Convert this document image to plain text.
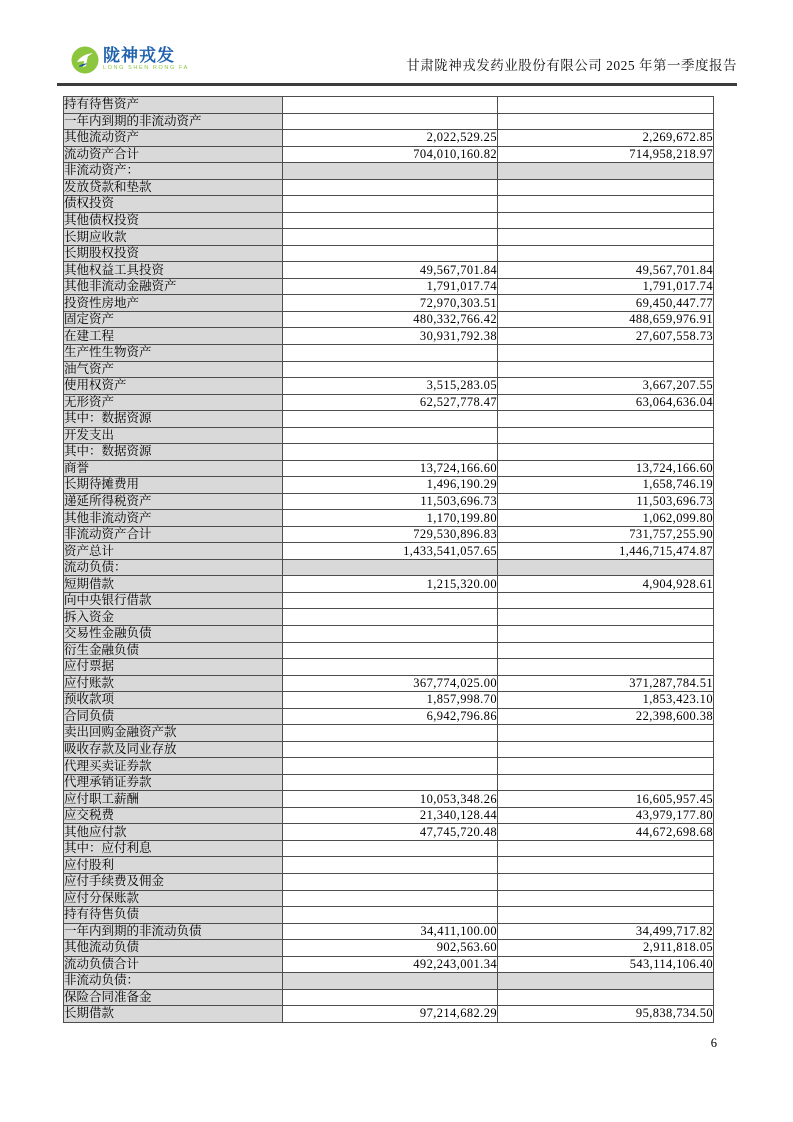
陇神戎发
LONG SHEN RONG FA	甘肃陇神戎发药业股份有限公司 2025 年第一季度报告
持有待售资产		
一年内到期的非流动资产		
其他流动资产	2,022,529.25	2,269,672.85
流动资产合计	704,010,160.82	714,958,218.97
非流动资产：		
发放贷款和垫款		
债权投资		
其他债权投资		
长期应收款		
长期股权投资		
其他权益工具投资	49,567,701.84	49,567,701.84
其他非流动金融资产	1,791,017.74	1,791,017.74
投资性房地产	72,970,303.51	69,450,447.77
固定资产	480,332,766.42	488,659,976.91
在建工程	30,931,792.38	27,607,558.73
生产性生物资产		
油气资产		
使用权资产	3,515,283.05	3,667,207.55
无形资产	62,527,778.47	63,064,636.04
其中：数据资源		
开发支出		
其中：数据资源		
商誉	13,724,166.60	13,724,166.60
长期待摊费用	1,496,190.29	1,658,746.19
递延所得税资产	11,503,696.73	11,503,696.73
其他非流动资产	1,170,199.80	1,062,099.80
非流动资产合计	729,530,896.83	731,757,255.90
资产总计	1,433,541,057.65	1,446,715,474.87
流动负债：		
短期借款	1,215,320.00	4,904,928.61
向中央银行借款		
拆入资金		
交易性金融负债		
衍生金融负债		
应付票据		
应付账款	367,774,025.00	371,287,784.51
预收款项	1,857,998.70	1,853,423.10
合同负债	6,942,796.86	22,398,600.38
卖出回购金融资产款		
吸收存款及同业存放		
代理买卖证券款		
代理承销证券款		
应付职工薪酬	10,053,348.26	16,605,957.45
应交税费	21,340,128.44	43,979,177.80
其他应付款	47,745,720.48	44,672,698.68
其中：应付利息		
应付股利		
应付手续费及佣金		
应付分保账款		
持有待售负债		
一年内到期的非流动负债	34,411,100.00	34,499,717.82
其他流动负债	902,563.60	2,911,818.05
流动负债合计	492,243,001.34	543,114,106.40
非流动负债：		
保险合同准备金		
长期借款	97,214,682.29	95,838,734.50
6
